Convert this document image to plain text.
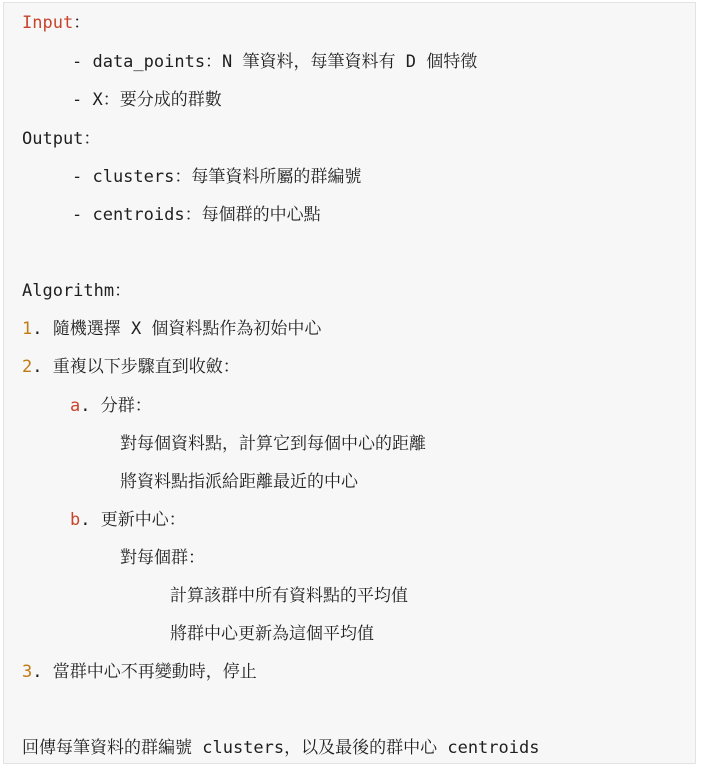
Input：

- data_points：N 筆資料，每筆資料有 D 個特徵

- X：要分成的群數

Output：

- clusters：每筆資料所屬的群編號

- centroids：每個群的中心點

Algorithm：

1. 隨機選擇 X 個資料點作為初始中心

2. 重複以下步驟直到收斂：

a. 分群：

對每個資料點，計算它到每個中心的距離

將資料點指派給距離最近的中心

b. 更新中心：

對每個群：

計算該群中所有資料點的平均值

將群中心更新為這個平均值

3. 當群中心不再變動時，停止

回傳每筆資料的群編號 clusters，以及最後的群中心 centroids
